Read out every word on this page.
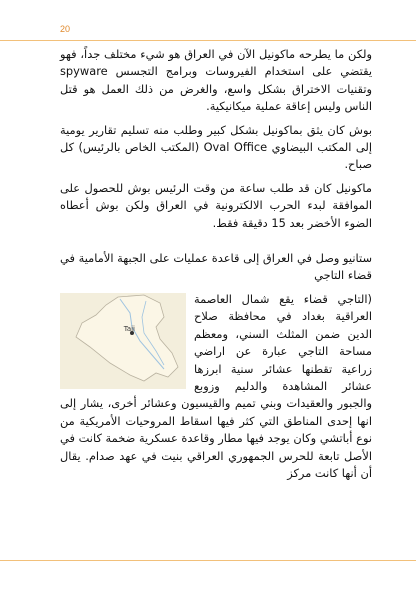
20

ولكن ما يطرحه ماكونيل الآن في العراق هو شيء مختلف جداً، فهو يقتضي على استخدام الفيروسات وبرامج التجسس spyware وتقنيات الاختراق بشكل واسع، والغرض من ذلك العمل هو قتل الناس وليس إعاقة عملية ميكانيكية.

بوش كان يثق بماكونيل بشكل كبير وطلب منه تسليم تقارير يومية إلى المكتب البيضاوي Oval Office (المكتب الخاص بالرئيس) كل صباح.

ماكونيل كان قد طلب ساعة من وقت الرئيس بوش للحصول على الموافقة لبدء الحرب الالكترونية في العراق ولكن بوش أعطاه الضوء الأخضر بعد 15 دقيقة فقط.

ستانيو وصل في العراق إلى قاعدة عمليات على الجبهة الأمامية في قضاء التاجي

Taji

(التاجي قضاء يقع شمال العاصمة العراقية بغداد في محافظة صلاح الدين ضمن المثلث السني، ومعظم مساحة التاجي عبارة عن اراضي زراعية تقطنها عشائر سنية ابرزها عشائر المشاهدة والدليم وزوبع والجبور والعقيدات وبني تميم والقيسيون وعشائر أخرى، يشار إلى انها إحدى المناطق التي كثر فيها اسقاط المروحيات الأمريكية من نوع أباتشي وكان يوجد فيها مطار وقاعدة عسكرية ضخمة كانت في الأصل تابعة للحرس الجمهوري العراقي بنيت في عهد صدام. يقال أن أنها كانت مركز
